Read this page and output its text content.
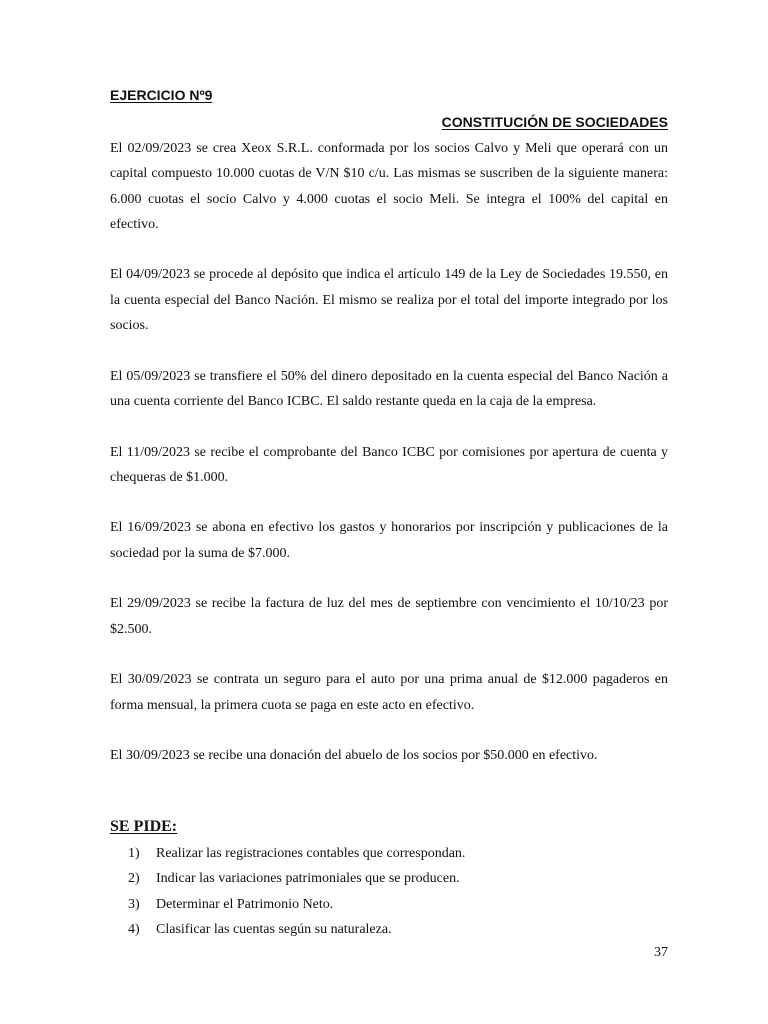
EJERCICIO Nº9

CONSTITUCIÓN DE SOCIEDADES

El 02/09/2023 se crea Xeox S.R.L. conformada por los socios Calvo y Meli que operará con un capital compuesto 10.000 cuotas de V/N $10 c/u. Las mismas se suscriben de la siguiente manera: 6.000 cuotas el socio Calvo y 4.000 cuotas el socio Meli. Se integra el 100% del capital en efectivo.

El 04/09/2023 se procede al depósito que indica el artículo 149 de la Ley de Sociedades 19.550, en la cuenta especial del Banco Nación. El mismo se realiza por el total del importe integrado por los socios.

El 05/09/2023 se transfiere el 50% del dinero depositado en la cuenta especial del Banco Nación a una cuenta corriente del Banco ICBC. El saldo restante queda en la caja de la empresa.

El 11/09/2023 se recibe el comprobante del Banco ICBC por comisiones por apertura de cuenta y chequeras de $1.000.

El 16/09/2023 se abona en efectivo los gastos y honorarios por inscripción y publicaciones de la sociedad por la suma de $7.000.

El 29/09/2023 se recibe la factura de luz del mes de septiembre con vencimiento el 10/10/23 por $2.500.

El 30/09/2023 se contrata un seguro para el auto por una prima anual de $12.000 pagaderos en forma mensual, la primera cuota se paga en este acto en efectivo.

El 30/09/2023 se recibe una donación del abuelo de los socios por $50.000 en efectivo.

SE PIDE:

1)	Realizar las registraciones contables que correspondan.
2)	Indicar las variaciones patrimoniales que se producen.
3)	Determinar el Patrimonio Neto.
4)	Clasificar las cuentas según su naturaleza.
37
